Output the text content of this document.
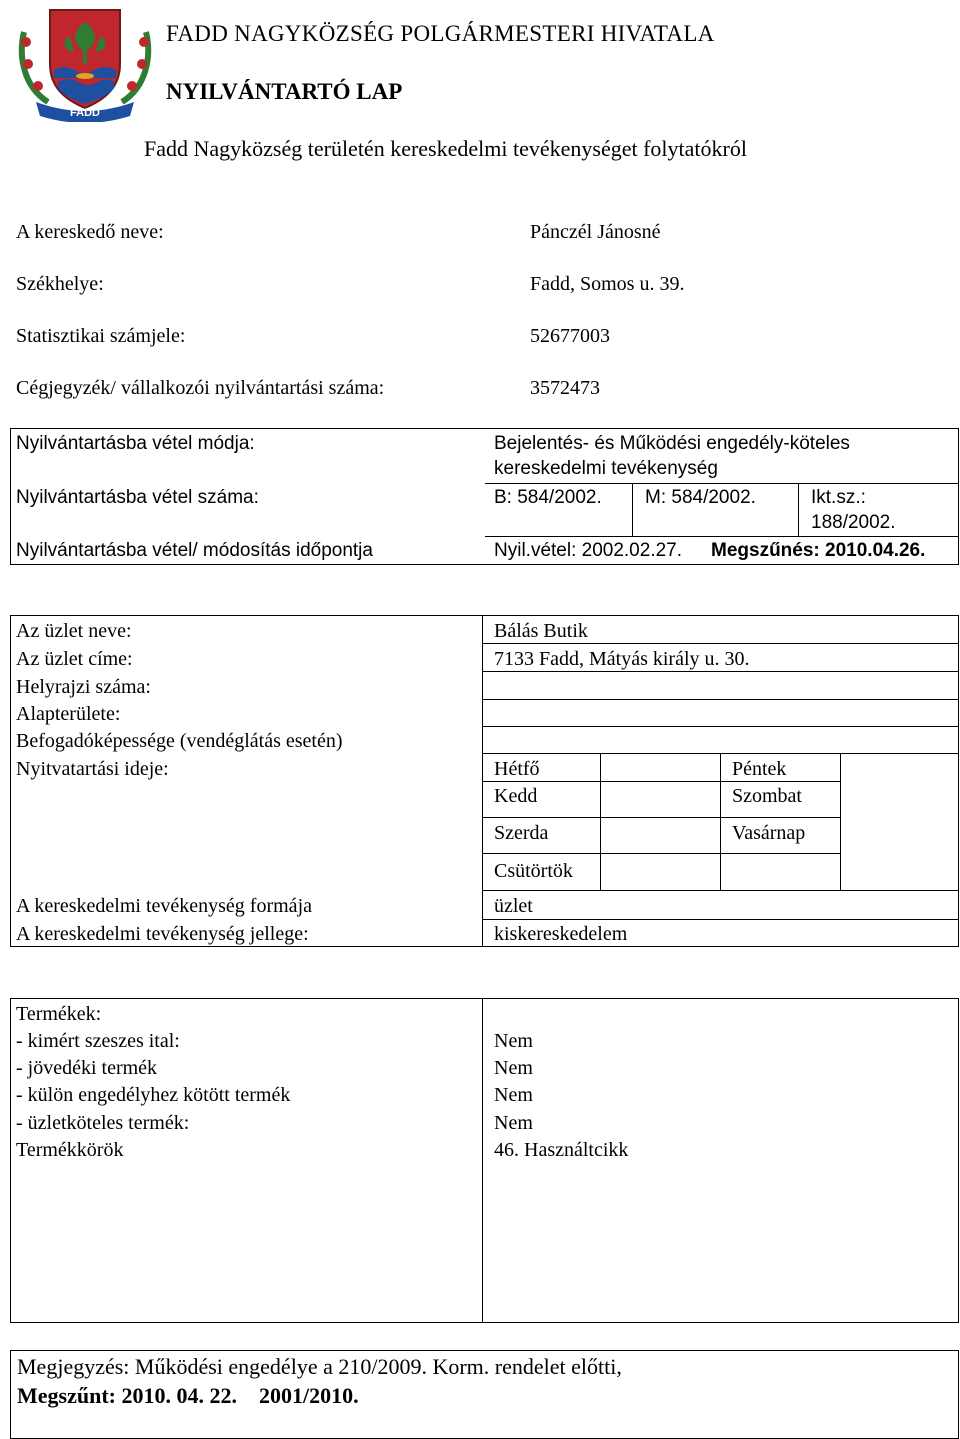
FADD
FADD NAGYKÖZSÉG POLGÁRMESTERI HIVATALA
NYILVÁNTARTÓ LAP
Fadd Nagyközség területén kereskedelmi tevékenységet folytatókról
A kereskedő neve:	Pánczél Jánosné
Székhelye:	Fadd, Somos u. 39.
Statisztikai számjele:	52677003
Cégjegyzék/ vállalkozói nyilvántartási száma:	3572473
Nyilvántartásba vétel módja:	Bejelentés- és Működési engedély-köteles
kereskedelmi tevékenység
Nyilvántartásba vétel száma:	B: 584/2002. M: 584/2002.	Ikt.sz.:
188/2002.
Nyilvántartásba vétel/ módosítás időpontja	Nyil.vétel: 2002.02.27. Megszűnés: 2010.04.26.
Az üzlet neve:	Bálás Butik
Az üzlet címe:	7133 Fadd, Mátyás király u. 30.
Helyrajzi száma:
Alapterülete:
Befogadóképessége (vendéglátás esetén)
Nyitvatartási ideje:	Hétfő	Péntek
Kedd	Szombat
Szerda	Vasárnap
Csütörtök
A kereskedelmi tevékenység formája	üzlet
A kereskedelmi tevékenység jellege:	kiskereskedelem
Termékek:
- kimért szeszes ital:	Nem
- jövedéki termék	Nem
- külön engedélyhez kötött termék	Nem
- üzletköteles termék:	Nem
Termékkörök	46. Használtcikk
Megjegyzés: Működési engedélye a 210/2009. Korm. rendelet előtti,
Megszűnt: 2010. 04. 22.    2001/2010.
